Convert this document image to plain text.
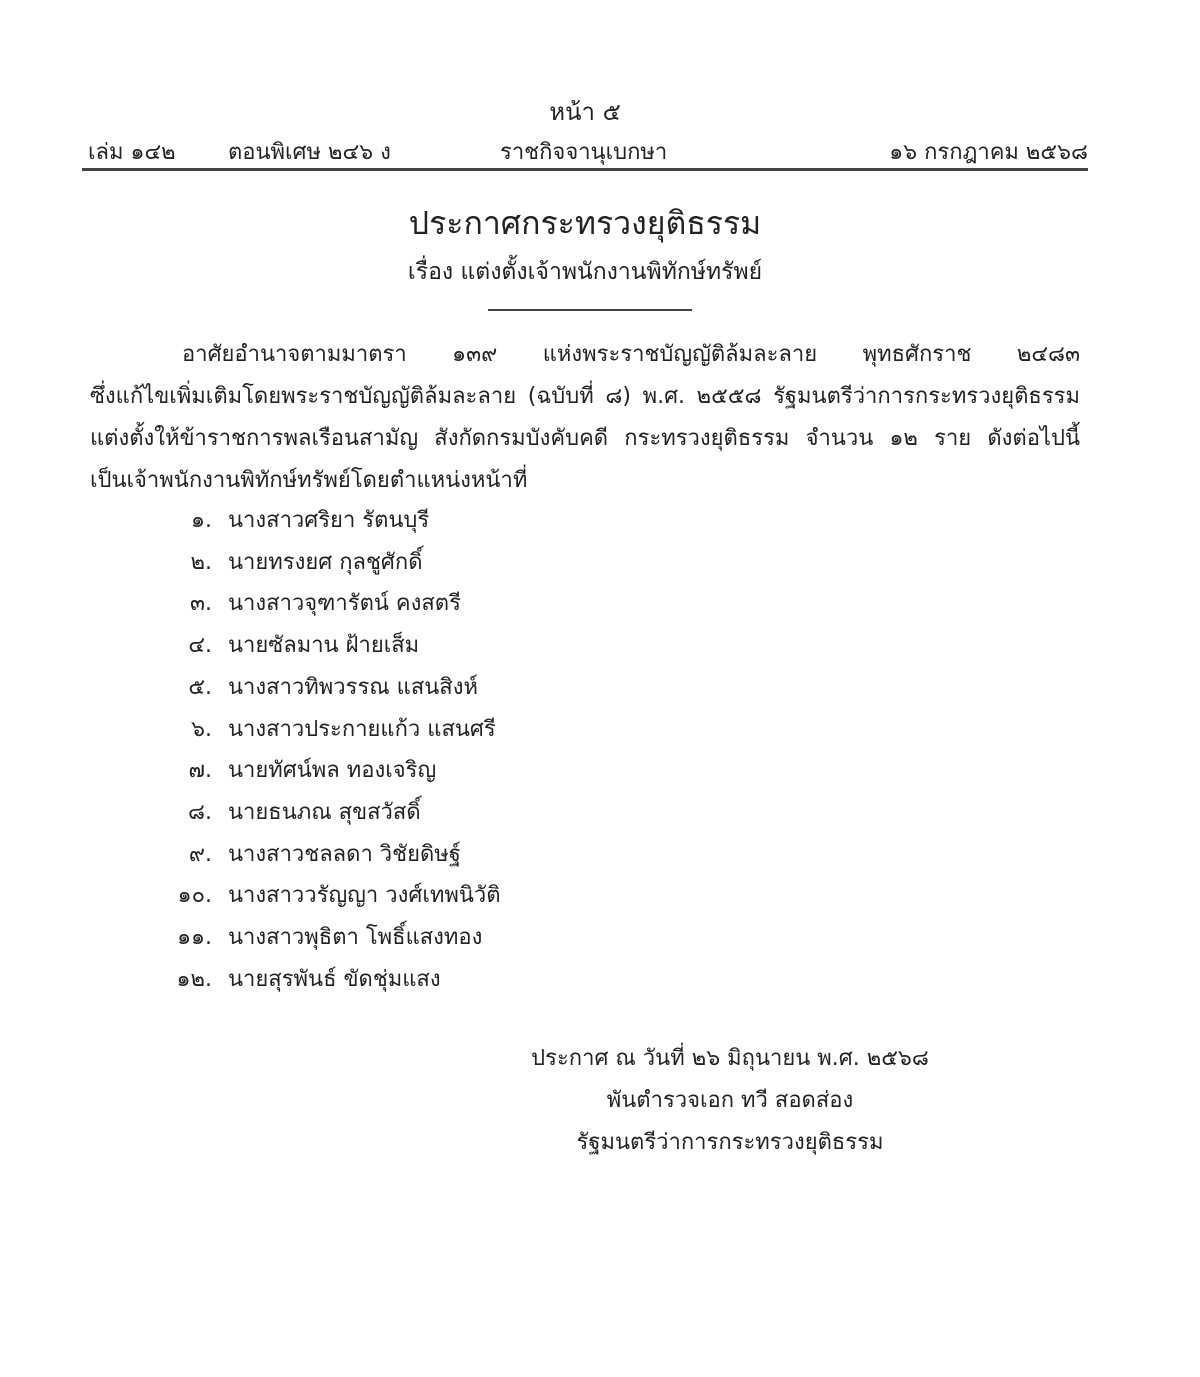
หน้า ๕
เล่ม ๑๔๒ ตอนพิเศษ ๒๔๖ ง	ราชกิจจานุเบกษา	๑๖ กรกฎาคม ๒๕๖๘
ประกาศกระทรวงยุติธรรม
เรื่อง แต่งตั้งเจ้าพนักงานพิทักษ์ทรัพย์
อาศัยอำนาจตามมาตรา ๑๓๙ แห่งพระราชบัญญัติล้มละลาย พุทธศักราช ๒๔๘๓
ซึ่งแก้ไขเพิ่มเติมโดยพระราชบัญญัติล้มละลาย (ฉบับที่ ๘) พ.ศ. ๒๕๕๘ รัฐมนตรีว่าการกระทรวงยุติธรรม
แต่งตั้งให้ข้าราชการพลเรือนสามัญ สังกัดกรมบังคับคดี กระทรวงยุติธรรม จำนวน ๑๒ ราย ดังต่อไปนี้
เป็นเจ้าพนักงานพิทักษ์ทรัพย์โดยตำแหน่งหน้าที่
๑. นางสาวศริยา รัตนบุรี
๒. นายทรงยศ กุลชูศักดิ์
๓. นางสาวจุฑารัตน์ คงสตรี
๔. นายซัลมาน ฝ้ายเส็ม
๕. นางสาวทิพวรรณ แสนสิงห์
๖. นางสาวประกายแก้ว แสนศรี
๗. นายทัศน์พล ทองเจริญ
๘. นายธนภณ สุขสวัสดิ์
๙. นางสาวชลลดา วิชัยดิษฐ์
๑๐. นางสาววรัญญา วงศ์เทพนิวัติ
๑๑. นางสาวพุธิตา โพธิ์แสงทอง
๑๒. นายสุรพันธ์ ขัดชุ่มแสง
ประกาศ ณ วันที่ ๒๖ มิถุนายน พ.ศ. ๒๕๖๘
พันตำรวจเอก ทวี สอดส่อง
รัฐมนตรีว่าการกระทรวงยุติธรรม
